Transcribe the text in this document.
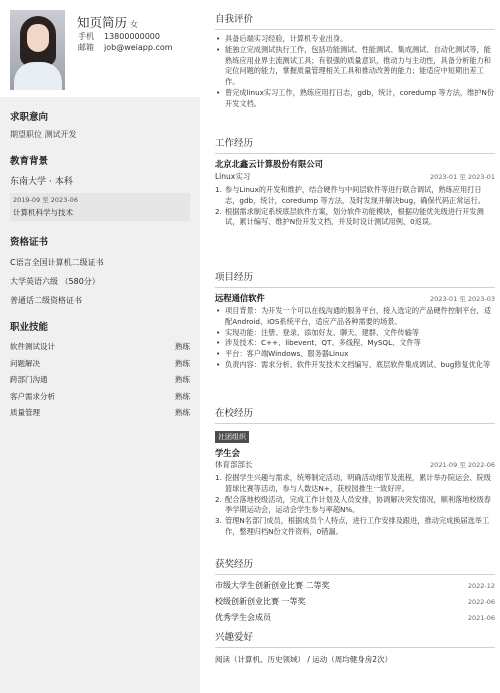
知页简历 女
手机 13800000000
邮箱 job@weiapp.com
求职意向
期望职位 测试开发
教育背景
东南大学 · 本科
2019-09 至 2023-06
计算机科学与技术
资格证书
C语言全国计算机二级证书
大学英语六级 （580分）
普通话二级资格证书
职业技能
软件测试设计	熟练
问题解决	熟练
跨部门沟通	熟练
客户需求分析	熟练
质量管理	熟练
自我评价
• 具备后端实习经验，计算机专业出身。
• 能独立完成测试执行工作，包括功能测试、性能测试、集成测试、自动化测试等，能熟练应用业界主流测试工具；有很强的质量意识，推动力与主动性，具备分析能力和定位问题的能力，掌握质量管理相关工具和推动改善的能力；能适应中短期出差工作。
• 曾完成linux实习工作，熟练应用打日志，gdb，统计，coredump 等方法，维护N份开发文档。
工作经历
北京北鑫云计算股份有限公司
Linux实习	2023-01 至 2023-01
1. 参与Linux的开发和维护，结合硬件与中间层软件等进行联合调试，熟练应用打日志，gdb，统计，coredump 等方法，及时发现并解决bug，确保代码正常运行。
2. 根据需求制定系统底层软件方案，划分软件功能模块，根据功能优先级进行开发测试，累计编写、维护N份开发文档，并及时设计测试用例，0返误。
项目经历
远程通信软件	2023-01 至 2023-03
• 项目背景：为开发一个可以在线沟通的服务平台，接入选定的产品硬件控制平台，适配Android、iOS系统平台，适应产品各种需要的场景。
• 实现功能：注册、登录、添加好友、聊天、建群、文件传输等
• 涉及技术：C++、libevent、QT、多线程、MySQL、文件等
• 平台：客户端Windows、服务器Linux
• 负责内容：需求分析、软件开发技术文档编写、底层软件集成调试、bug修复优化等
在校经历
社团组织
学生会
体育部部长	2021-09 至 2022-06
1. 挖掘学生兴趣与需求，统筹制定活动，明确活动细节及流程，累计举办院运会、院级篮球比赛等活动，参与人数达N+，获校园推生一致好评。
2. 配合落地校级活动，完成工作计划及人员安排，协调解决突发情况，顺利落地校级春季学期运动会，运动会学生参与率超N%。
3. 管理N名部门成员，根据成员个人特点，进行工作安排及跟进，推动完成换届选举工作，整理归档N份文件资料，0错漏。
获奖经历
市级大学生创新创业比赛 二等奖	2022-12
校级创新创业比赛 一等奖	2022-06
优秀学生会成员	2021-06
兴趣爱好
阅读（计算机、历史领域） / 运动（周均健身房2次）
